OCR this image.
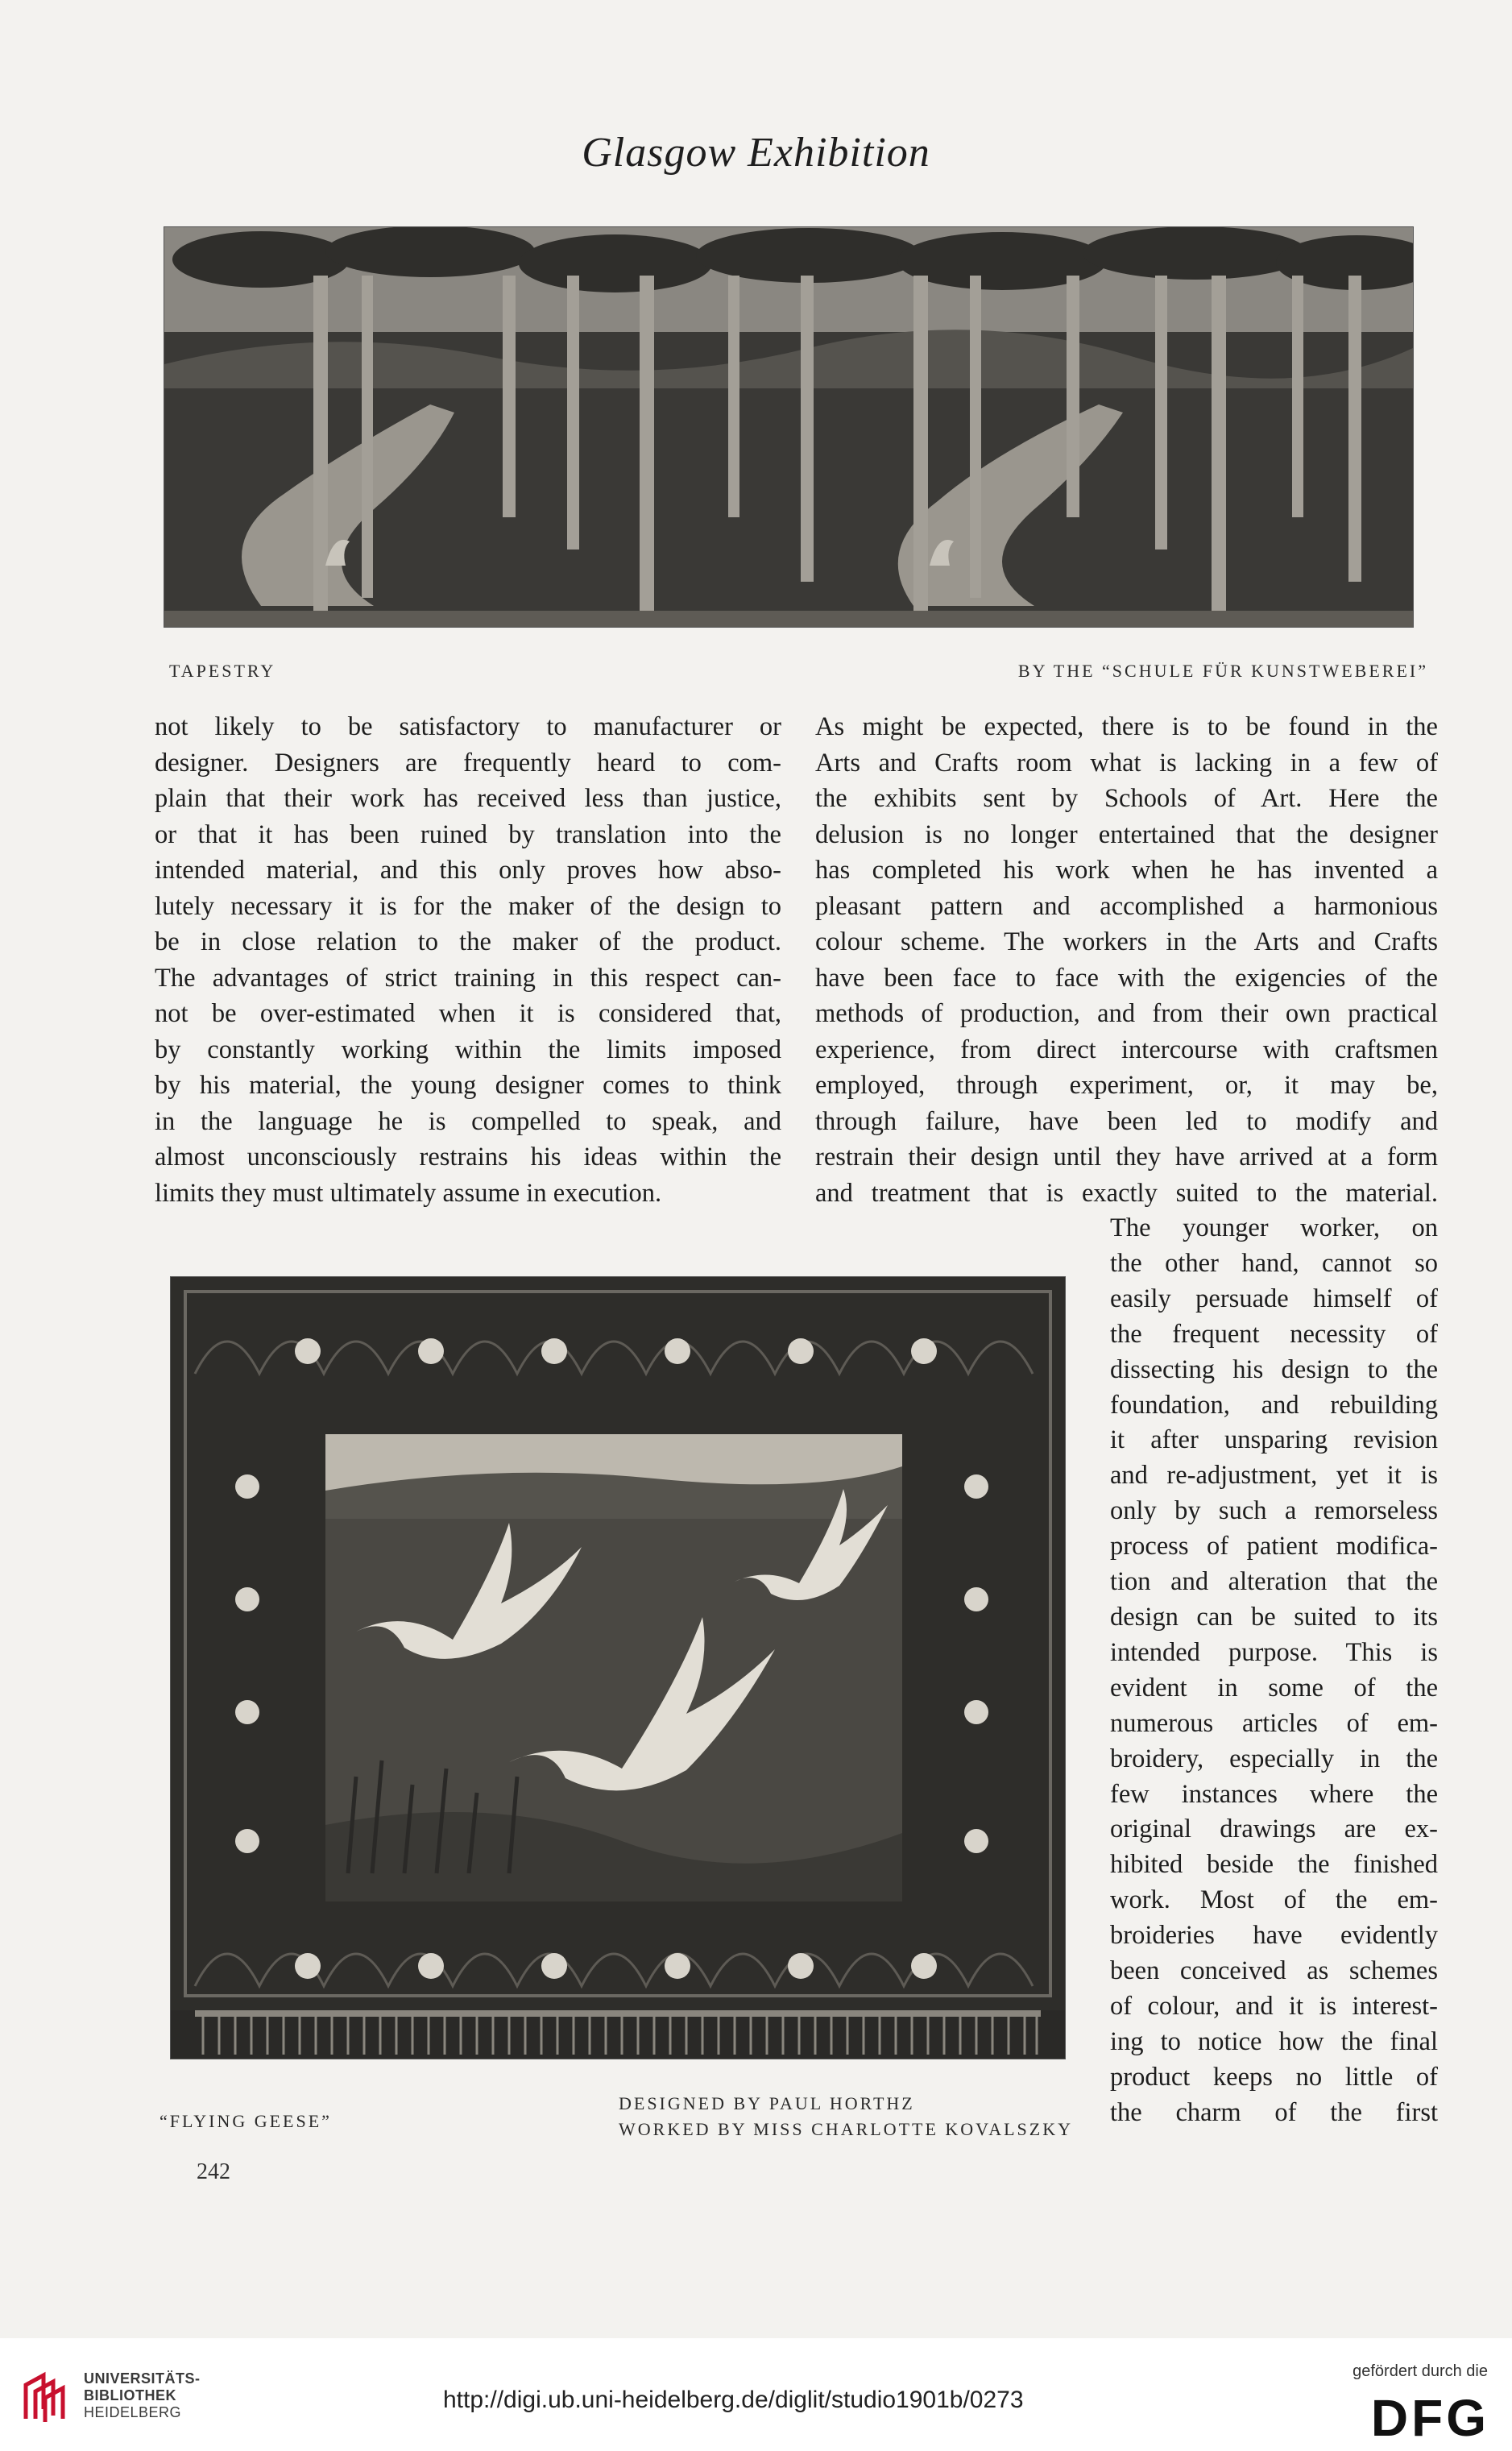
Glasgow Exhibition
TAPESTRY	BY THE “SCHULE FÜR KUNSTWEBEREI”
not likely to be satisfactory to manufacturer or
designer. Designers are frequently heard to com-
plain that their work has received less than justice,
or that it has been ruined by translation into the
intended material, and this only proves how abso-
lutely necessary it is for the maker of the design to
be in close relation to the maker of the product.
The advantages of strict training in this respect can-
not be over-estimated when it is considered that,
by constantly working within the limits imposed
by his material, the young designer comes to think
in the language he is compelled to speak, and
almost unconsciously restrains his ideas within the
limits they must ultimately assume in execution.
As might be expected, there is to be found in the
Arts and Crafts room what is lacking in a few of
the exhibits sent by Schools of Art. Here the
delusion is no longer entertained that the designer
has completed his work when he has invented a
pleasant pattern and accomplished a harmonious
colour scheme. The workers in the Arts and Crafts
have been face to face with the exigencies of the
methods of production, and from their own practical
experience, from direct intercourse with craftsmen
employed, through experiment, or, it may be,
through failure, have been led to modify and
restrain their design until they have arrived at a form
and treatment that is exactly suited to the material.
The younger worker, on
the other hand, cannot so
easily persuade himself of
the frequent necessity of
dissecting his design to the
foundation, and rebuilding
it after unsparing revision
and re-adjustment, yet it is
only by such a remorseless
process of patient modifica-
tion and alteration that the
design can be suited to its
intended purpose. This is
evident in some of the
numerous articles of em-
broidery, especially in the
few instances where the
original drawings are ex-
hibited beside the finished
work. Most of the em-
broideries have evidently
been conceived as schemes
of colour, and it is interest-
ing to notice how the final
product keeps no little of
the charm of the first
“FLYING GEESE”
DESIGNED BY PAUL HORTHZ
WORKED BY MISS CHARLOTTE KOVALSZKY
242
UNIVERSITÄTS-
BIBLIOTHEK
HEIDELBERG	http://digi.ub.uni-heidelberg.de/diglit/studio1901b/0273
gefördert durch die
DFG
